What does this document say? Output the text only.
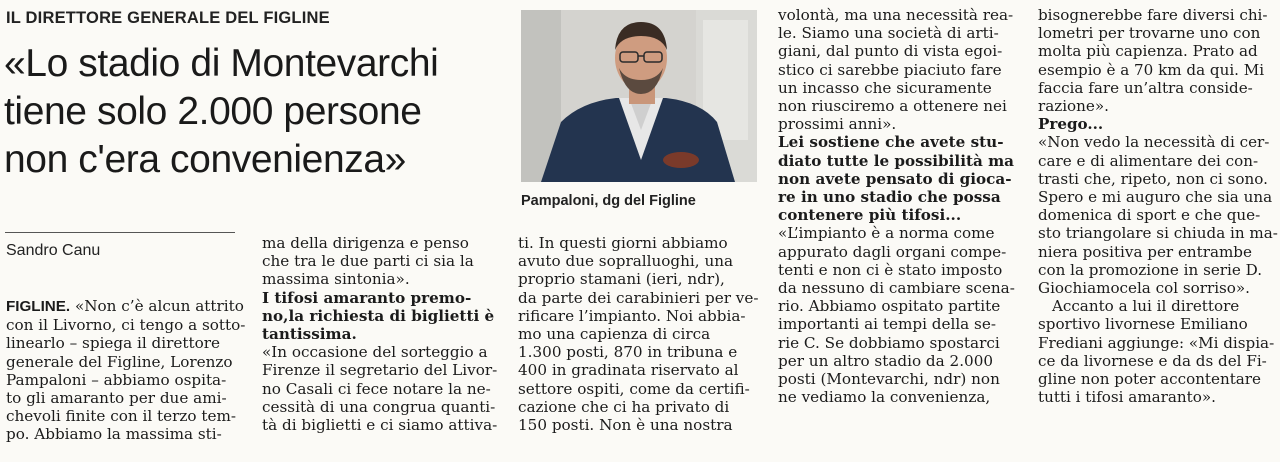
IL DIRETTORE GENERALE DEL FIGLINE
«Lo stadio di Montevarchi
tiene solo 2.000 persone
non c'era convenienza»
Pampaloni, dg del Figline
Sandro Canu

FIGLINE. «Non c’è alcun attrito

con il Livorno, ci tengo a sotto-

linearlo – spiega il direttore

generale del Figline, Lorenzo

Pampaloni – abbiamo ospita-

to gli amaranto per due ami-

chevoli finite con il terzo tem-

po. Abbiamo la massima sti-

ma della dirigenza e penso

che tra le due parti ci sia la

massima sintonia».

I tifosi amaranto premo-

no,la richiesta di biglietti è

tantissima.

«In occasione del sorteggio a

Firenze il segretario del Livor-

no Casali ci fece notare la ne-

cessità di una congrua quanti-

tà di biglietti e ci siamo attiva-

ti. In questi giorni abbiamo

avuto due sopralluoghi, una

proprio stamani (ieri, ndr),

da parte dei carabinieri per ve-

rificare l’impianto. Noi abbia-

mo una capienza di circa

1.300 posti, 870 in tribuna e

400 in gradinata riservato al

settore ospiti, come da certifi-

cazione che ci ha privato di

150 posti. Non è una nostra

volontà, ma una necessità rea-

le. Siamo una società di arti-

giani, dal punto di vista egoi-

stico ci sarebbe piaciuto fare

un incasso che sicuramente

non riusciremo a ottenere nei

prossimi anni».

Lei sostiene che avete stu-

diato tutte le possibilità ma

non avete pensato di gioca-

re in uno stadio che possa

contenere più tifosi...

«L’impianto è a norma come

appurato dagli organi compe-

tenti e non ci è stato imposto

da nessuno di cambiare scena-

rio. Abbiamo ospitato partite

importanti ai tempi della se-

rie C. Se dobbiamo spostarci

per un altro stadio da 2.000

posti (Montevarchi, ndr) non

ne vediamo la convenienza,

bisognerebbe fare diversi chi-

lometri per trovarne uno con

molta più capienza. Prato ad

esempio è a 70 km da qui. Mi

faccia fare un’altra conside-

razione».

Prego...

«Non vedo la necessità di cer-

care e di alimentare dei con-

trasti che, ripeto, non ci sono.

Spero e mi auguro che sia una

domenica di sport e che que-

sto triangolare si chiuda in ma-

niera positiva per entrambe

con la promozione in serie D.

Giochiamocela col sorriso».

Accanto a lui il direttore

sportivo livornese Emiliano

Frediani aggiunge: «Mi dispia-

ce da livornese e da ds del Fi-

gline non poter accontentare

tutti i tifosi amaranto».
